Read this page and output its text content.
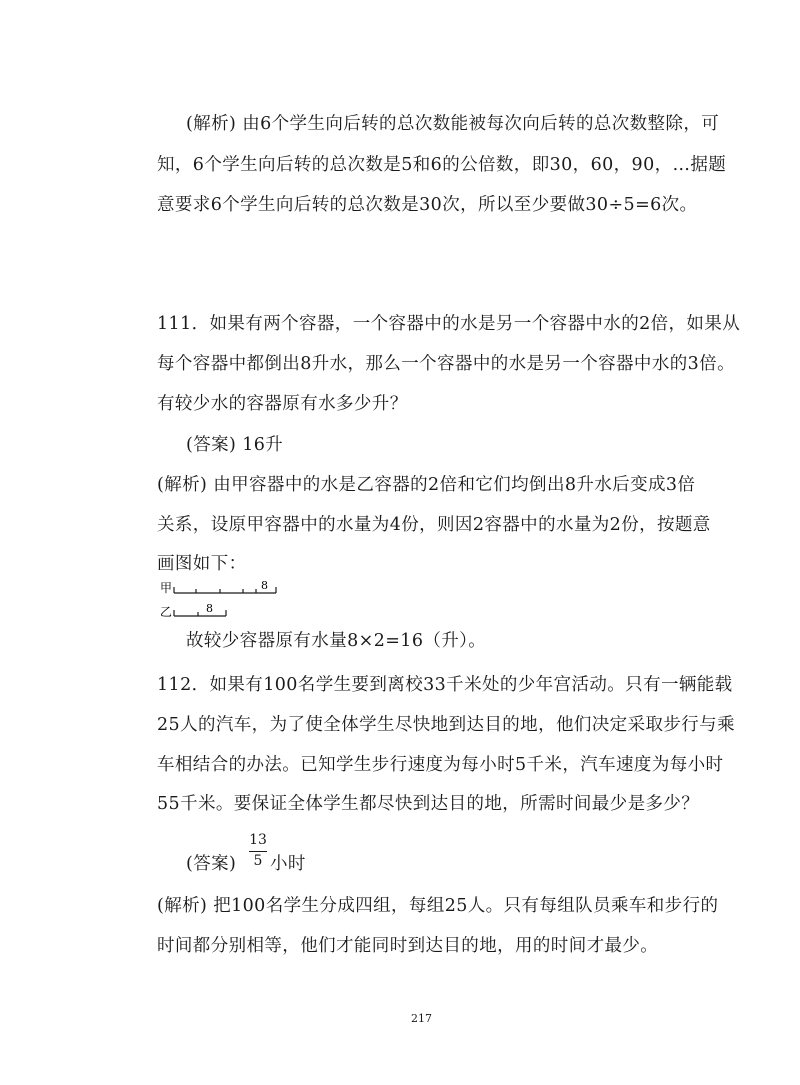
(解析) 由6个学生向后转的总次数能被每次向后转的总次数整除，可
知，6个学生向后转的总次数是5和6的公倍数，即30，60，90，…据题
意要求6个学生向后转的总次数是30次，所以至少要做30÷5=6次。
111．如果有两个容器，一个容器中的水是另一个容器中水的2倍，如果从
每个容器中都倒出8升水，那么一个容器中的水是另一个容器中水的3倍。
有较少水的容器原有水多少升？
(答案) 16升
(解析) 由甲容器中的水是乙容器的2倍和它们均倒出8升水后变成3倍
关系，设原甲容器中的水量为4份，则因2容器中的水量为2份，按题意
画图如下：
甲	8
乙	8
故较少容器原有水量8×2=16（升）。
112．如果有100名学生要到离校33千米处的少年宫活动。只有一辆能载
25人的汽车，为了使全体学生尽快地到达目的地，他们决定采取步行与乘
车相结合的办法。已知学生步行速度为每小时5千米，汽车速度为每小时
55千米。要保证全体学生都尽快到达目的地，所需时间最少是多少？
(答案)
13
5 小时
(解析) 把100名学生分成四组，每组25人。只有每组队员乘车和步行的
时间都分别相等，他们才能同时到达目的地，用的时间才最少。
217
